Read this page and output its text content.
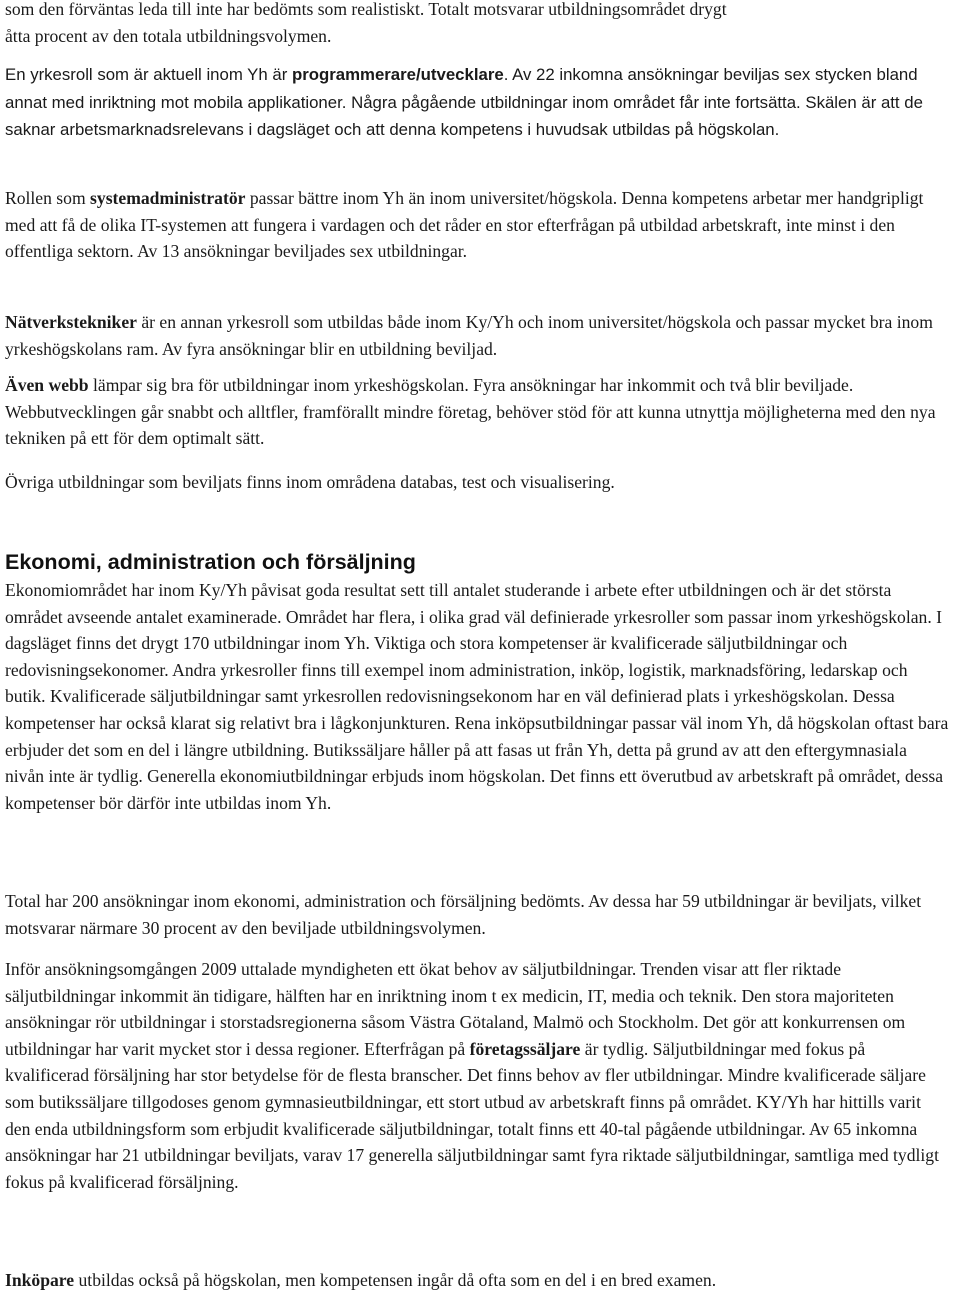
som den förväntas leda till inte har bedömts som realistiskt. Totalt motsvarar utbildningsområdet drygt
åtta procent av den totala utbildningsvolymen.

En yrkesroll som är aktuell inom Yh är programmerare/utvecklare. Av 22 inkomna ansökningar beviljas sex stycken bland annat med inriktning mot mobila applikationer. Några pågående utbildningar inom området får inte fortsätta. Skälen är att de saknar arbetsmarknadsrelevans i dagsläget och att denna kompetens i huvudsak utbildas på högskolan.

Rollen som systemadministratör passar bättre inom Yh än inom universitet/högskola. Denna kompetens arbetar mer handgripligt med att få de olika IT-systemen att fungera i vardagen och det råder en stor efterfrågan på utbildad arbetskraft, inte minst i den offentliga sektorn. Av 13 ansökningar beviljades sex utbildningar.

Nätverkstekniker är en annan yrkesroll som utbildas både inom Ky/Yh och inom universitet/högskola och passar mycket bra inom yrkeshögskolans ram. Av fyra ansökningar blir en utbildning beviljad.

Även webb lämpar sig bra för utbildningar inom yrkeshögskolan. Fyra ansökningar har inkommit och två blir beviljade. Webbutvecklingen går snabbt och alltfler, framförallt mindre företag, behöver stöd för att kunna utnyttja möjligheterna med den nya tekniken på ett för dem optimalt sätt.

Övriga utbildningar som beviljats finns inom områdena databas, test och visualisering.

Ekonomi, administration och försäljning

Ekonomiområdet har inom Ky/Yh påvisat goda resultat sett till antalet studerande i arbete efter utbildningen och är det största området avseende antalet examinerade. Området har flera, i olika grad väl definierade yrkesroller som passar inom yrkeshögskolan. I dagsläget finns det drygt 170 utbildningar inom Yh. Viktiga och stora kompetenser är kvalificerade säljutbildningar och redovisningsekonomer. Andra yrkesroller finns till exempel inom administration, inköp, logistik, marknadsföring, ledarskap och butik. Kvalificerade säljutbildningar samt yrkesrollen redovisningsekonom har en väl definierad plats i yrkeshögskolan. Dessa kompetenser har också klarat sig relativt bra i lågkonjunkturen. Rena inköpsutbildningar passar väl inom Yh, då högskolan oftast bara erbjuder det som en del i längre utbildning. Butikssäljare håller på att fasas ut från Yh, detta på grund av att den eftergymnasiala nivån inte är tydlig. Generella ekonomiutbildningar erbjuds inom högskolan. Det finns ett överutbud av arbetskraft på området, dessa kompetenser bör därför inte utbildas inom Yh.

Total har 200 ansökningar inom ekonomi, administration och försäljning bedömts. Av dessa har 59 utbildningar är beviljats, vilket motsvarar närmare 30 procent av den beviljade utbildningsvolymen.

Inför ansökningsomgången 2009 uttalade myndigheten ett ökat behov av säljutbildningar. Trenden visar att fler riktade säljutbildningar inkommit än tidigare, hälften har en inriktning inom t ex medicin, IT, media och teknik. Den stora majoriteten ansökningar rör utbildningar i storstadsregionerna såsom Västra Götaland, Malmö och Stockholm. Det gör att konkurrensen om utbildningar har varit mycket stor i dessa regioner. Efterfrågan på företagssäljare är tydlig. Säljutbildningar med fokus på kvalificerad försäljning har stor betydelse för de flesta branscher. Det finns behov av fler utbildningar. Mindre kvalificerade säljare som butikssäljare tillgodoses genom gymnasieutbildningar, ett stort utbud av arbetskraft finns på området. KY/Yh har hittills varit den enda utbildningsform som erbjudit kvalificerade säljutbildningar, totalt finns ett 40-tal pågående utbildningar. Av 65 inkomna ansökningar har 21 utbildningar beviljats, varav 17 generella säljutbildningar samt fyra riktade säljutbildningar, samtliga med tydligt fokus på kvalificerad försäljning.

Inköpare utbildas också på högskolan, men kompetensen ingår då ofta som en del i en bred examen.
